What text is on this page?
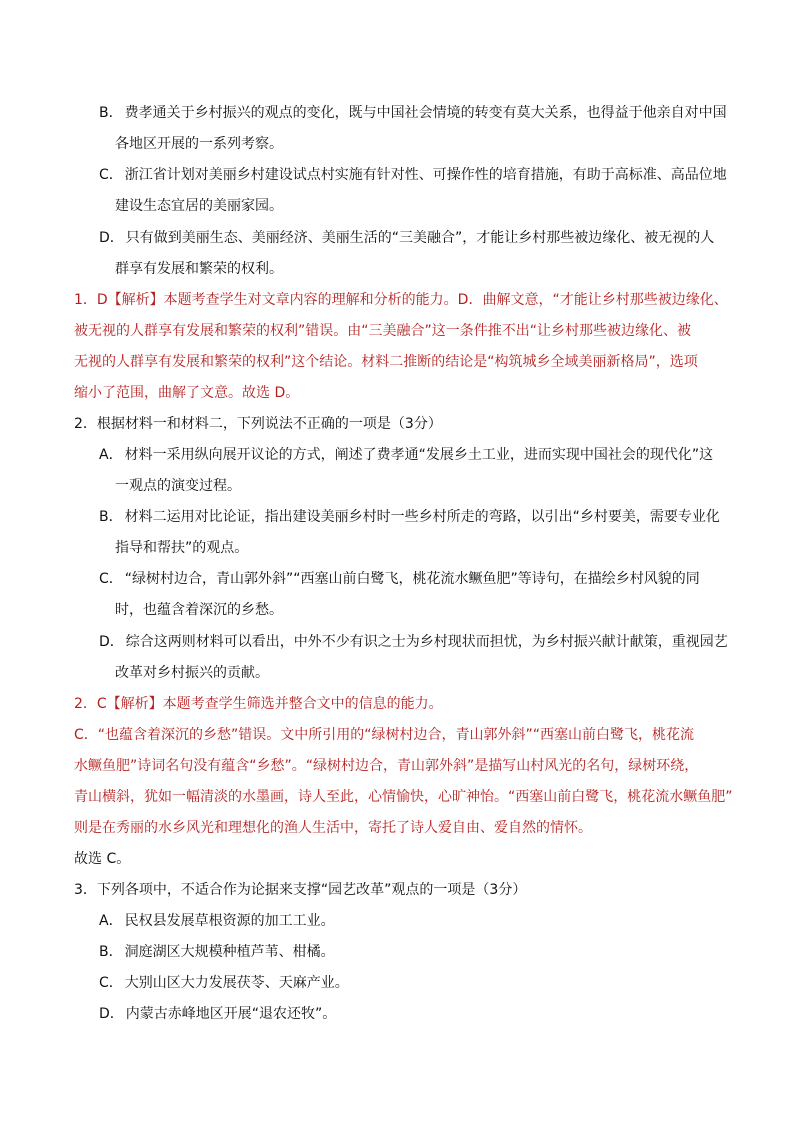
B． 费孝通关于乡村振兴的观点的变化，既与中国社会情境的转变有莫大关系，也得益于他亲自对中国
各地区开展的一系列考察。
C． 浙江省计划对美丽乡村建设试点村实施有针对性、可操作性的培育措施，有助于高标准、高品位地
建设生态宜居的美丽家园。
D． 只有做到美丽生态、美丽经济、美丽生活的“三美融合”，才能让乡村那些被边缘化、被无视的人
群享有发展和繁荣的权利。
1．D【解析】本题考查学生对文章内容的理解和分析的能力。D．曲解文意，“才能让乡村那些被边缘化、
被无视的人群享有发展和繁荣的权利”错误。由“三美融合”这一条件推不出“让乡村那些被边缘化、被
无视的人群享有发展和繁荣的权利”这个结论。材料二推断的结论是“构筑城乡全域美丽新格局”，选项
缩小了范围，曲解了文意。故选 D。
2．根据材料一和材料二，下列说法不正确的一项是（3分）
A． 材料一采用纵向展开议论的方式，阐述了费孝通“发展乡土工业，进而实现中国社会的现代化”这
一观点的演变过程。
B． 材料二运用对比论证，指出建设美丽乡村时一些乡村所走的弯路，以引出“乡村要美，需要专业化
指导和帮扶”的观点。
C． “绿树村边合，青山郭外斜”“西塞山前白鹭飞，桃花流水鳜鱼肥”等诗句，在描绘乡村风貌的同
时，也蕴含着深沉的乡愁。
D． 综合这两则材料可以看出，中外不少有识之士为乡村现状而担忧，为乡村振兴献计献策，重视园艺
改革对乡村振兴的贡献。
2．C【解析】本题考查学生筛选并整合文中的信息的能力。
C．“也蕴含着深沉的乡愁”错误。文中所引用的“绿树村边合，青山郭外斜”“西塞山前白鹭飞，桃花流
水鳜鱼肥”诗词名句没有蕴含“乡愁”。“绿树村边合，青山郭外斜”是描写山村风光的名句，绿树环绕，
青山横斜，犹如一幅清淡的水墨画，诗人至此，心情愉快，心旷神怡。“西塞山前白鹭飞，桃花流水鳜鱼肥”
则是在秀丽的水乡风光和理想化的渔人生活中，寄托了诗人爱自由、爱自然的情怀。
故选 C。
3．下列各项中，不适合作为论据来支撑“园艺改革”观点的一项是（3分）
A． 民权县发展草根资源的加工工业。
B． 洞庭湖区大规模种植芦苇、柑橘。
C． 大别山区大力发展茯苓、天麻产业。
D． 内蒙古赤峰地区开展“退农还牧”。
